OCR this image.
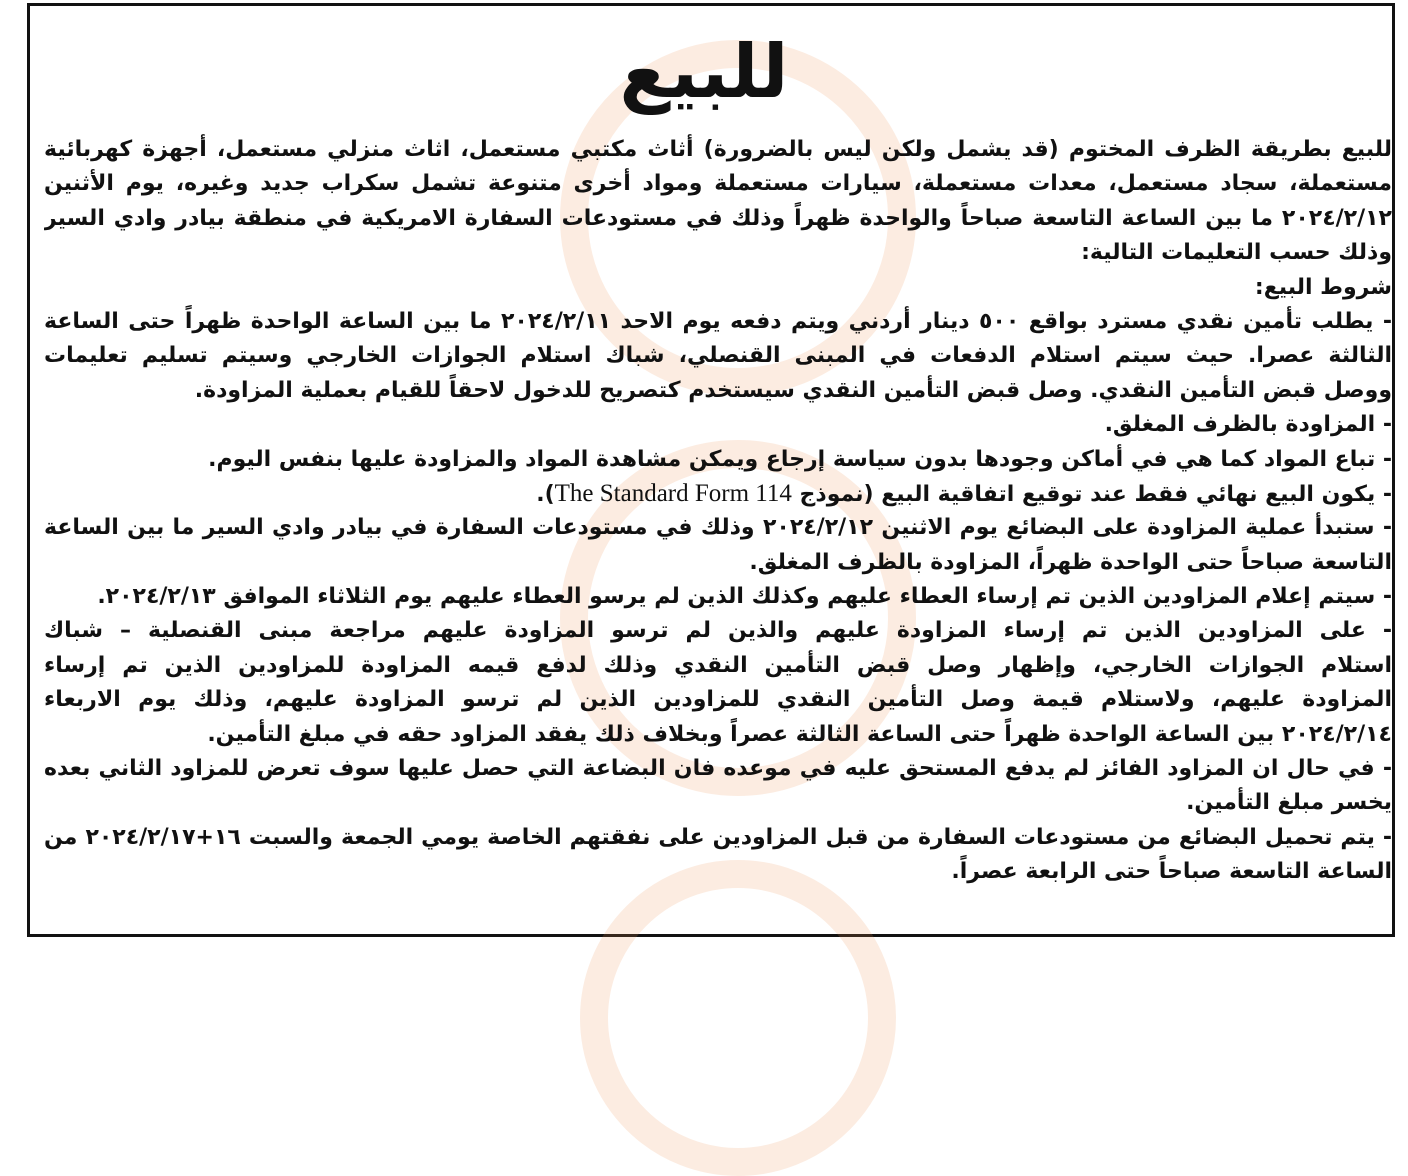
للبيع
للبيع بطريقة الظرف المختوم (قد يشمل ولكن ليس بالضرورة) أثاث مكتبي مستعمل، اثاث منزلي مستعمل، أجهزة كهربائية
مستعملة، سجاد مستعمل، معدات مستعملة، سيارات مستعملة ومواد أخرى متنوعة تشمل سكراب جديد وغيره، يوم الأثنين
٢٠٢٤/٢/١٢ ما بين الساعة التاسعة صباحاً والواحدة ظهراً وذلك في مستودعات السفارة الامريكية في منطقة بيادر وادي السير
وذلك حسب التعليمات التالية:
شروط البيع:
- يطلب تأمين نقدي مسترد بواقع ٥٠٠ دينار أردني ويتم دفعه يوم الاحد ٢٠٢٤/٢/١١ ما بين الساعة الواحدة ظهراً حتى الساعة
الثالثة عصرا. حيث سيتم استلام الدفعات في المبنى القنصلي، شباك استلام الجوازات الخارجي وسيتم تسليم تعليمات
ووصل قبض التأمين النقدي. وصل قبض التأمين النقدي سيستخدم كتصريح للدخول لاحقاً للقيام بعملية المزاودة.
- المزاودة بالظرف المغلق.
- تباع المواد كما هي في أماكن وجودها بدون سياسة إرجاع ويمكن مشاهدة المواد والمزاودة عليها بنفس اليوم.
- يكون البيع نهائي فقط عند توقيع اتفاقية البيع (نموذج The Standard Form 114).
- ستبدأ عملية المزاودة على البضائع يوم الاثنين ٢٠٢٤/٢/١٢ وذلك في مستودعات السفارة في بيادر وادي السير ما بين الساعة
التاسعة صباحاً حتى الواحدة ظهراً، المزاودة بالظرف المغلق.
- سيتم إعلام المزاودين الذين تم إرساء العطاء عليهم وكذلك الذين لم يرسو العطاء عليهم يوم الثلاثاء الموافق ٢٠٢٤/٢/١٣.
- على المزاودين الذين تم إرساء المزاودة عليهم والذين لم ترسو المزاودة عليهم مراجعة مبنى القنصلية – شباك
استلام الجوازات الخارجي، وإظهار وصل قبض التأمين النقدي وذلك لدفع قيمه المزاودة للمزاودين الذين تم إرساء
المزاودة عليهم، ولاستلام قيمة وصل التأمين النقدي للمزاودين الذين لم ترسو المزاودة عليهم، وذلك يوم الاربعاء
٢٠٢٤/٢/١٤ بين الساعة الواحدة ظهراً حتى الساعة الثالثة عصراً وبخلاف ذلك يفقد المزاود حقه في مبلغ التأمين.
- في حال ان المزاود الفائز لم يدفع المستحق عليه في موعده فان البضاعة التي حصل عليها سوف تعرض للمزاود الثاني بعده
يخسر مبلغ التأمين.
- يتم تحميل البضائع من مستودعات السفارة من قبل المزاودين على نفقتهم الخاصة يومي الجمعة والسبت ١٦+٢٠٢٤/٢/١٧ من
الساعة التاسعة صباحاً حتى الرابعة عصراً.
